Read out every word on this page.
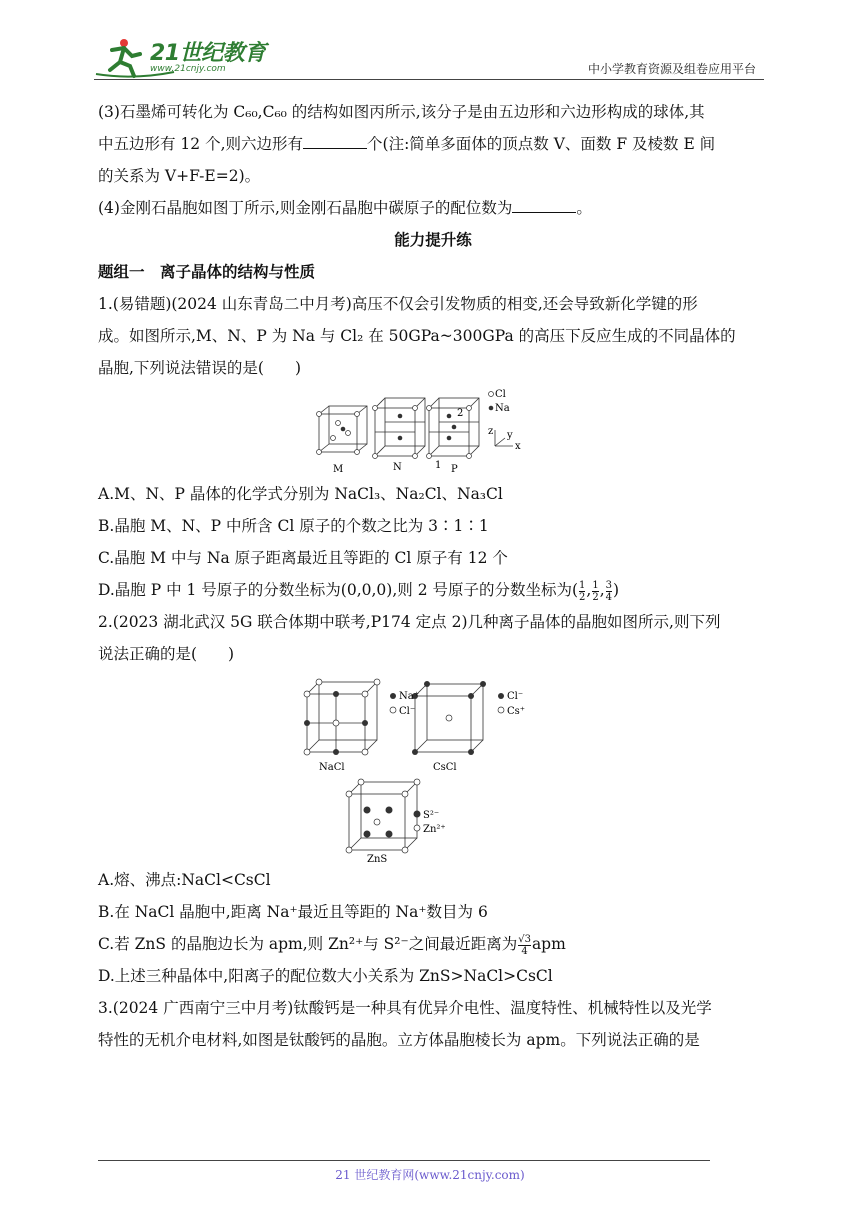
21世纪教育
www.21cnjy.com	中小学教育资源及组卷应用平台

(3)石墨烯可转化为 C₆₀,C₆₀ 的结构如图丙所示,该分子是由五边形和六边形构成的球体,其

中五边形有 12 个,则六边形有	个(注:简单多面体的顶点数 V、面数 F 及棱数 E 间

的关系为 V+F-E=2)。

(4)金刚石晶胞如图丁所示,则金刚石晶胞中碳原子的配位数为	。

能力提升练

题组一　离子晶体的结构与性质

1.(易错题)(2024 山东青岛二中月考)高压不仅会引发物质的相变,还会导致新化学键的形

成。如图所示,M、N、P 为 Na 与 Cl₂ 在 50GPa~300GPa 的高压下反应生成的不同晶体的

晶胞,下列说法错误的是(　　)

Cl
Na
M	N	1 P
2
z y
x

A.M、N、P 晶体的化学式分别为 NaCl₃、Na₂Cl、Na₃Cl

B.晶胞 M、N、P 中所含 Cl 原子的个数之比为 3∶1∶1

C.晶胞 M 中与 Na 原子距离最近且等距的 Cl 原子有 12 个

D.晶胞 P 中 1 号原子的分数坐标为(0,0,0),则 2 号原子的分数坐标为( $\frac{1}{2}$ , $\frac{1}{2}$ , $\frac{3}{4}$ )

2.(2023 湖北武汉 5G 联合体期中联考,P174 定点 2)几种离子晶体的晶胞如图所示,则下列

说法正确的是(　　)

Na⁺
Cl⁻
Cl⁻
Cs⁺
S²⁻
Zn²⁺
NaCl	CsCl
ZnS

A.熔、沸点:NaCl<CsCl

B.在 NaCl 晶胞中,距离 Na⁺最近且等距的 Na⁺数目为 6

C.若 ZnS 的晶胞边长为 apm,则 Zn²⁺与 S²⁻之间最近距离为 $\frac{√3}{4}$ apm

D.上述三种晶体中,阳离子的配位数大小关系为 ZnS>NaCl>CsCl

3.(2024 广西南宁三中月考)钛酸钙是一种具有优异介电性、温度特性、机械特性以及光学

特性的无机介电材料,如图是钛酸钙的晶胞。立方体晶胞棱长为 apm。下列说法正确的是

21 世纪教育网(www.21cnjy.com)
